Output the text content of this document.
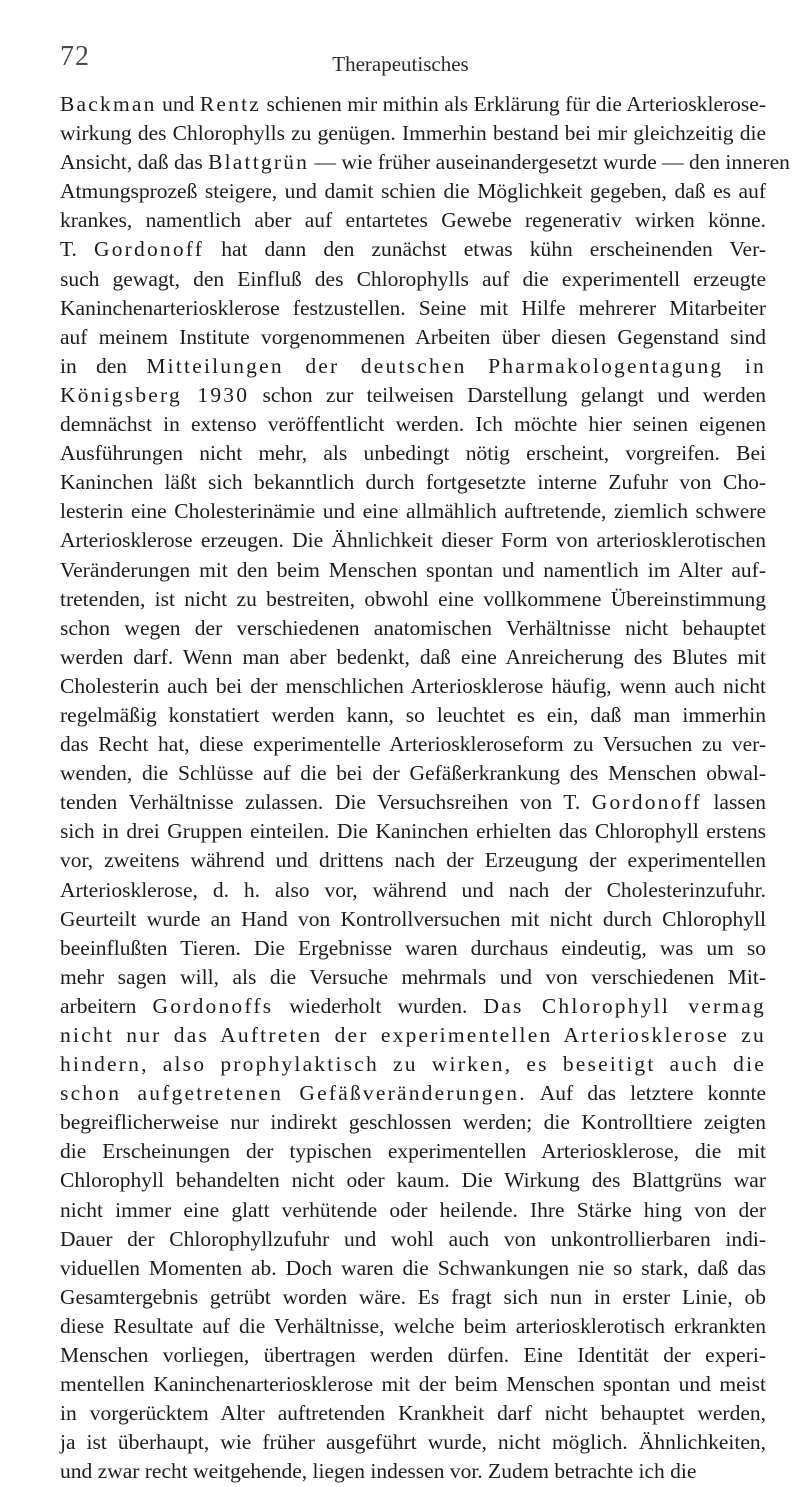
72	Therapeutisches
Backman und Rentz schienen mir mithin als Erklärung für die Arteriosklerose-
wirkung des Chlorophylls zu genügen. Immerhin bestand bei mir gleichzeitig die
Ansicht, daß das Blattgrün — wie früher auseinandergesetzt wurde — den inneren
Atmungsprozeß steigere, und damit schien die Möglichkeit gegeben, daß es auf
krankes, namentlich aber auf entartetes Gewebe regenerativ wirken könne.
T. Gordonoff hat dann den zunächst etwas kühn erscheinenden Ver-
such gewagt, den Einfluß des Chlorophylls auf die experimentell erzeugte
Kaninchenarteriosklerose festzustellen. Seine mit Hilfe mehrerer Mitarbeiter
auf meinem Institute vorgenommenen Arbeiten über diesen Gegenstand sind
in den Mitteilungen der deutschen Pharmakologentagung in
Königsberg 1930 schon zur teilweisen Darstellung gelangt und werden
demnächst in extenso veröffentlicht werden. Ich möchte hier seinen eigenen
Ausführungen nicht mehr, als unbedingt nötig erscheint, vorgreifen. Bei
Kaninchen läßt sich bekanntlich durch fortgesetzte interne Zufuhr von Cho-
lesterin eine Cholesterinämie und eine allmählich auftretende, ziemlich schwere
Arteriosklerose erzeugen. Die Ähnlichkeit dieser Form von arteriosklerotischen
Veränderungen mit den beim Menschen spontan und namentlich im Alter auf-
tretenden, ist nicht zu bestreiten, obwohl eine vollkommene Übereinstimmung
schon wegen der verschiedenen anatomischen Verhältnisse nicht behauptet
werden darf. Wenn man aber bedenkt, daß eine Anreicherung des Blutes mit
Cholesterin auch bei der menschlichen Arteriosklerose häufig, wenn auch nicht
regelmäßig konstatiert werden kann, so leuchtet es ein, daß man immerhin
das Recht hat, diese experimentelle Arterioskleroseform zu Versuchen zu ver-
wenden, die Schlüsse auf die bei der Gefäßerkrankung des Menschen obwal-
tenden Verhältnisse zulassen. Die Versuchsreihen von T. Gordonoff lassen
sich in drei Gruppen einteilen. Die Kaninchen erhielten das Chlorophyll erstens
vor, zweitens während und drittens nach der Erzeugung der experimentellen
Arteriosklerose, d. h. also vor, während und nach der Cholesterinzufuhr.
Geurteilt wurde an Hand von Kontrollversuchen mit nicht durch Chlorophyll
beeinflußten Tieren. Die Ergebnisse waren durchaus eindeutig, was um so
mehr sagen will, als die Versuche mehrmals und von verschiedenen Mit-
arbeitern Gordonoffs wiederholt wurden. Das Chlorophyll vermag
nicht nur das Auftreten der experimentellen Arteriosklerose zu
hindern, also prophylaktisch zu wirken, es beseitigt auch die
schon aufgetretenen Gefäßveränderungen. Auf das letztere konnte
begreiflicherweise nur indirekt geschlossen werden; die Kontrolltiere zeigten
die Erscheinungen der typischen experimentellen Arteriosklerose, die mit
Chlorophyll behandelten nicht oder kaum. Die Wirkung des Blattgrüns war
nicht immer eine glatt verhütende oder heilende. Ihre Stärke hing von der
Dauer der Chlorophyllzufuhr und wohl auch von unkontrollierbaren indi-
viduellen Momenten ab. Doch waren die Schwankungen nie so stark, daß das
Gesamtergebnis getrübt worden wäre. Es fragt sich nun in erster Linie, ob
diese Resultate auf die Verhältnisse, welche beim arteriosklerotisch erkrankten
Menschen vorliegen, übertragen werden dürfen. Eine Identität der experi-
mentellen Kaninchenarteriosklerose mit der beim Menschen spontan und meist
in vorgerücktem Alter auftretenden Krankheit darf nicht behauptet werden,
ja ist überhaupt, wie früher ausgeführt wurde, nicht möglich. Ähnlichkeiten,
und zwar recht weitgehende, liegen indessen vor. Zudem betrachte ich die
